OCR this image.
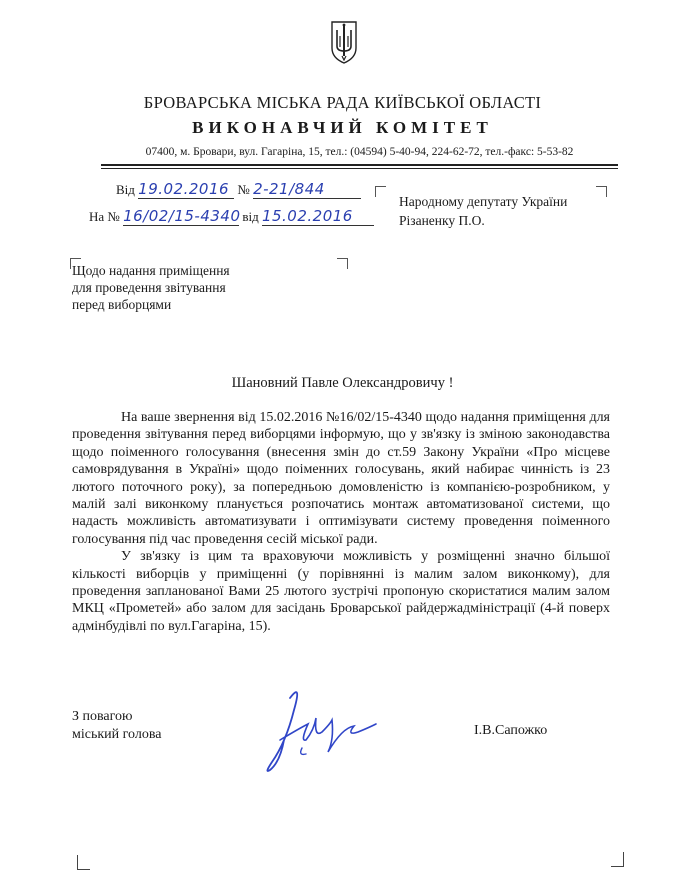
БРОВАРСЬКА МІСЬКА РАДА КИЇВСЬКОЇ ОБЛАСТІ
ВИКОНАВЧИЙ КОМІТЕТ
07400, м. Бровари, вул. Гагаріна, 15, тел.: (04594) 5-40-94, 224-62-72, тел.-факс: 5-53-82
Від 19.02.2016 № 2-21/844
На № 16/02/15-4340 від 15.02.2016
Народному депутату України
Різаненку П.О.
Щодо надання приміщення
для проведення звітування
перед виборцями
Шановний Павле Олександровичу !

На ваше звернення від 15.02.2016 №16/02/15-4340 щодо надання приміщення для проведення звітування перед виборцями інформую, що у зв'язку із зміною законодавства щодо поіменного голосування (внесення змін до ст.59 Закону України «Про місцеве самоврядування в Україні» щодо поіменних голосувань, який набирає чинність із 23 лютого поточного року), за попередньою домовленістю із компанією-розробником, у малій залі виконкому планується розпочатись монтаж автоматизованої системи, що надасть можливість автоматизувати і оптимізувати систему проведення поіменного голосування під час проведення сесій міської ради.

У зв'язку із цим та враховуючи можливість у розміщенні значно більшої кількості виборців у приміщенні (у порівнянні із малим залом виконкому), для проведення запланованої Вами 25 лютого зустрічі пропоную скористатися малим залом МКЦ «Прометей» або залом для засідань Броварської райдержадміністрації (4-й поверх адмінбудівлі по вул.Гагаріна, 15).

З повагою
міський голова	І.В.Сапожко
